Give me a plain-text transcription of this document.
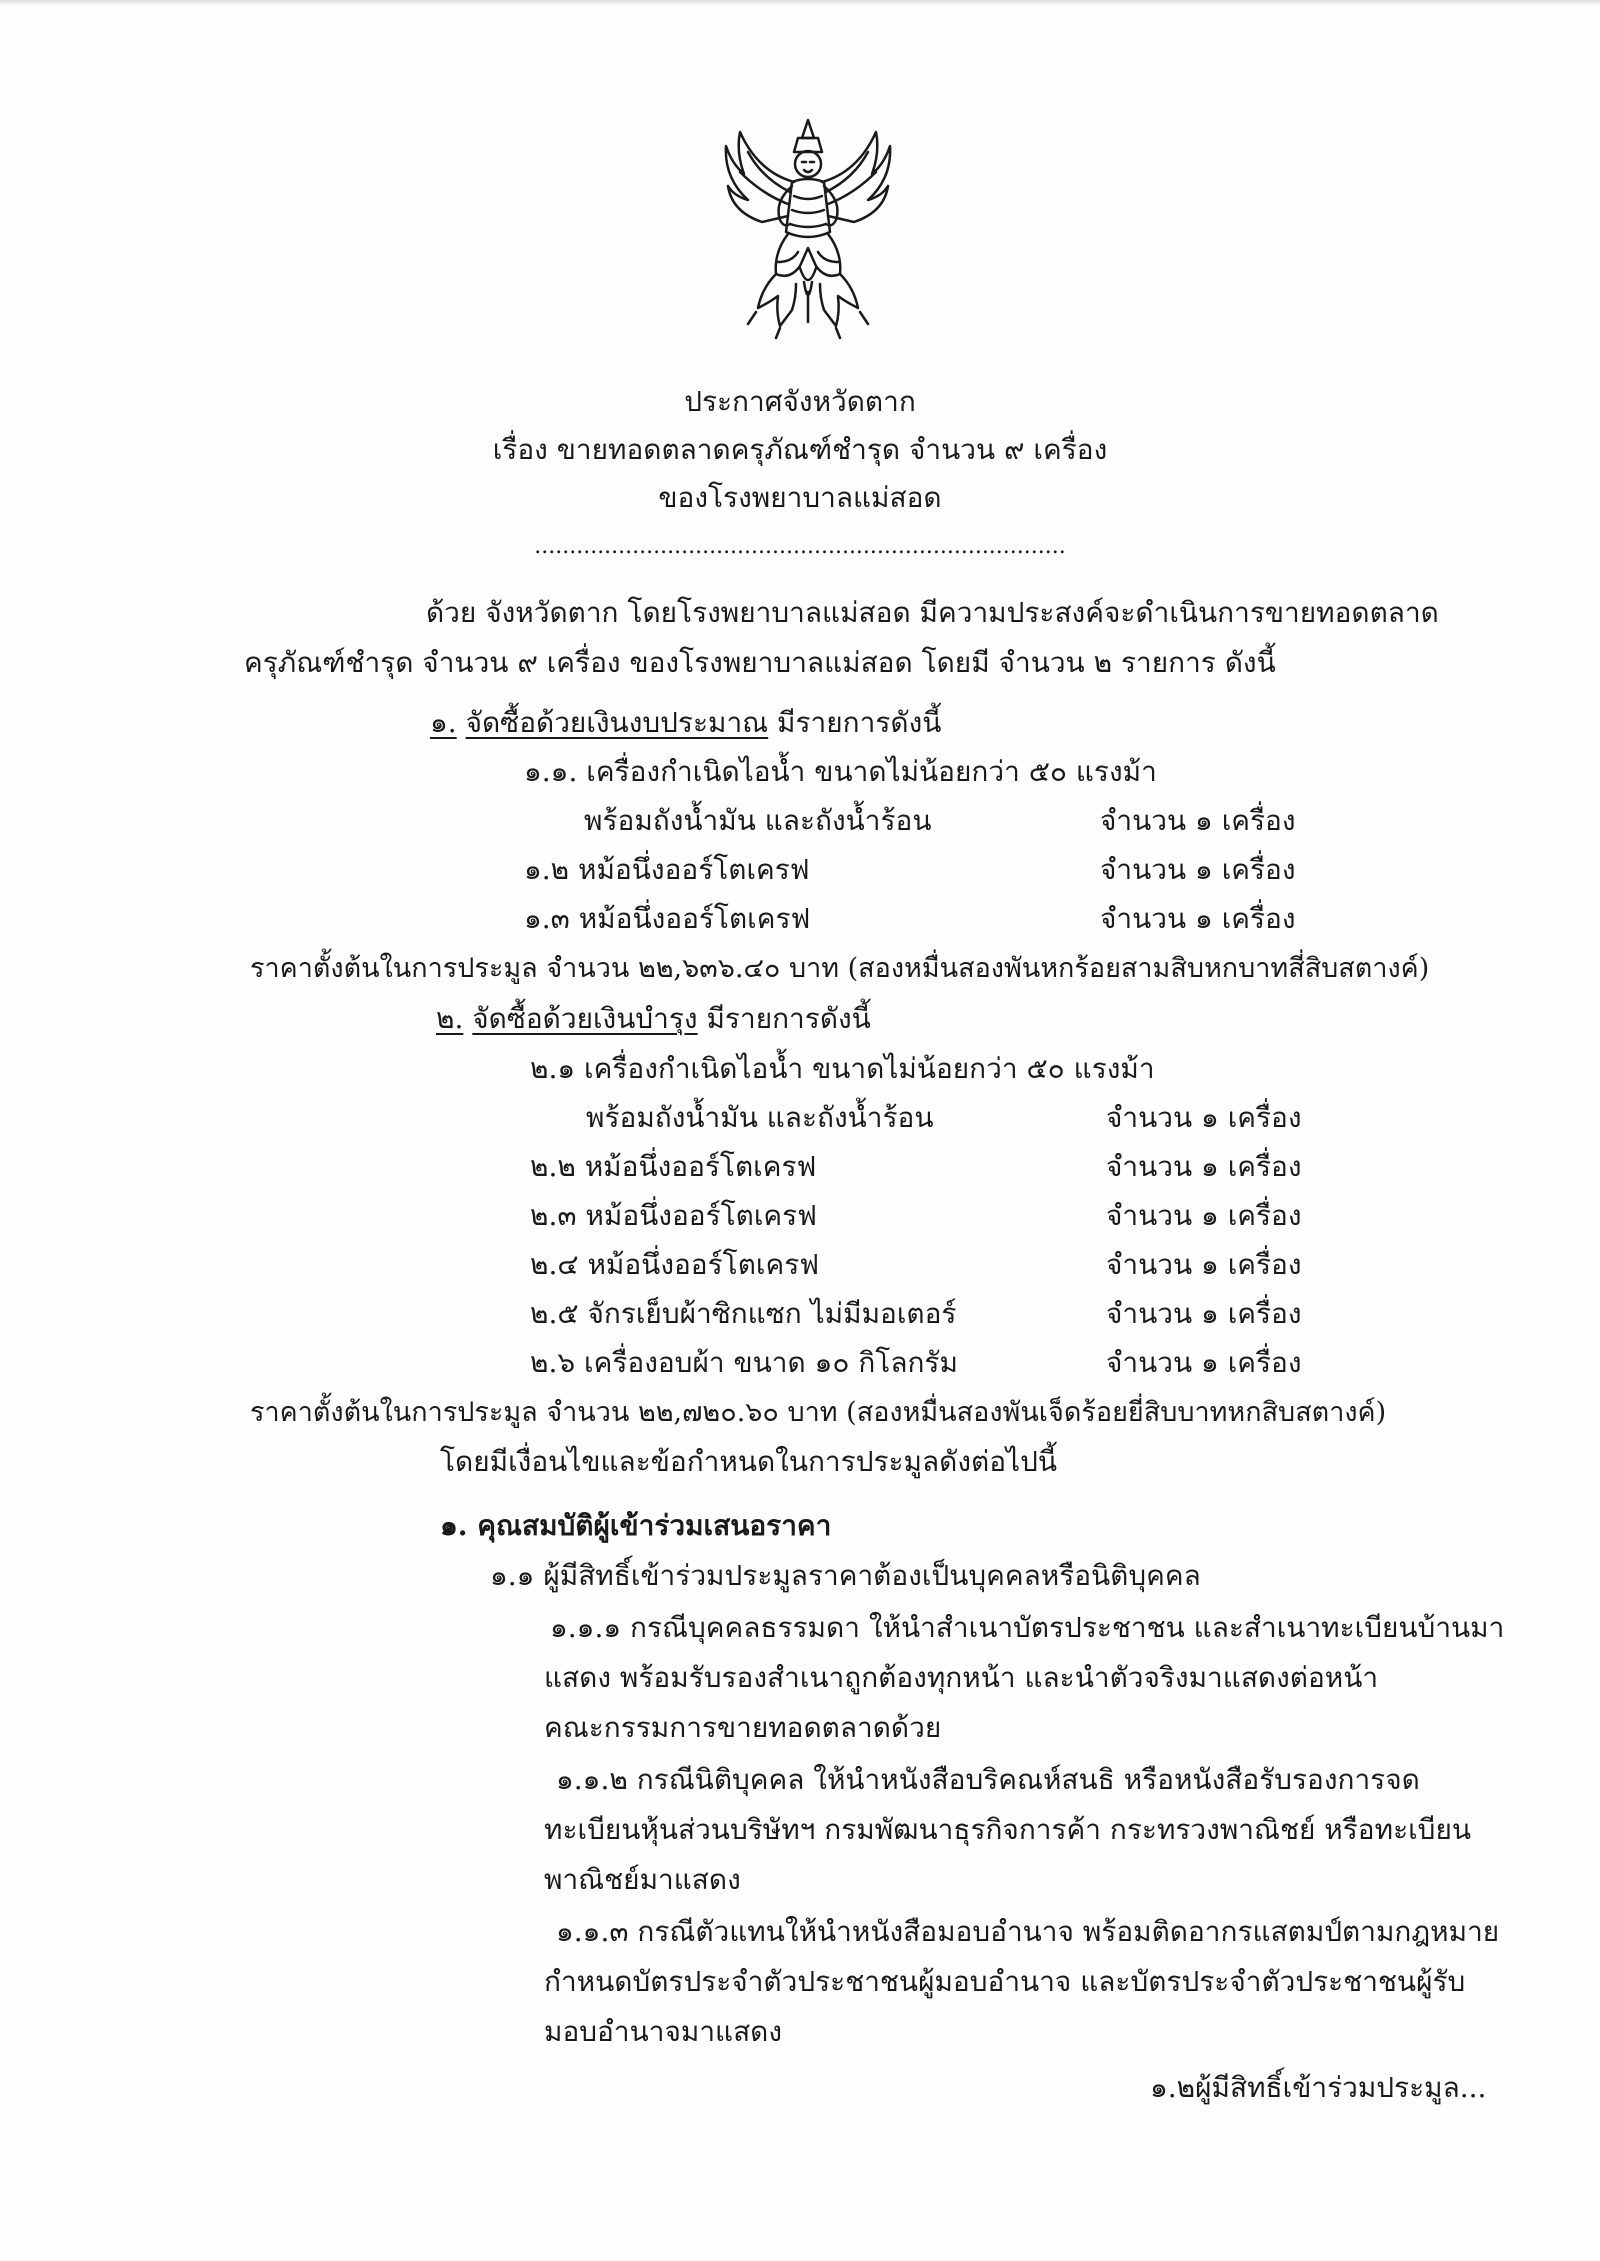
ประกาศจังหวัดตาก
เรื่อง ขายทอดตลาดครุภัณฑ์ชำรุด จำนวน ๙ เครื่อง
ของโรงพยาบาลแม่สอด
............................................................................
ด้วย จังหวัดตาก โดยโรงพยาบาลแม่สอด มีความประสงค์จะดำเนินการขายทอดตลาด
ครุภัณฑ์ชำรุด จำนวน ๙ เครื่อง ของโรงพยาบาลแม่สอด โดยมี จำนวน ๒ รายการ ดังนี้
๑. จัดซื้อด้วยเงินงบประมาณ มีรายการดังนี้
๑.๑. เครื่องกำเนิดไอน้ำ ขนาดไม่น้อยกว่า ๕๐ แรงม้า
พร้อมถังน้ำมัน และถังน้ำร้อน	จำนวน ๑ เครื่อง
๑.๒ หม้อนึ่งออร์โตเครฟ	จำนวน ๑ เครื่อง
๑.๓ หม้อนึ่งออร์โตเครฟ	จำนวน ๑ เครื่อง
ราคาตั้งต้นในการประมูล จำนวน ๒๒,๖๓๖.๔๐ บาท (สองหมื่นสองพันหกร้อยสามสิบหกบาทสี่สิบสตางค์)
๒. จัดซื้อด้วยเงินบำรุง มีรายการดังนี้
๒.๑ เครื่องกำเนิดไอน้ำ ขนาดไม่น้อยกว่า ๕๐ แรงม้า
พร้อมถังน้ำมัน และถังน้ำร้อน	จำนวน ๑ เครื่อง
๒.๒ หม้อนึ่งออร์โตเครฟ	จำนวน ๑ เครื่อง
๒.๓ หม้อนึ่งออร์โตเครฟ	จำนวน ๑ เครื่อง
๒.๔ หม้อนึ่งออร์โตเครฟ	จำนวน ๑ เครื่อง
๒.๕ จักรเย็บผ้าซิกแซก ไม่มีมอเตอร์	จำนวน ๑ เครื่อง
๒.๖ เครื่องอบผ้า ขนาด ๑๐ กิโลกรัม	จำนวน ๑ เครื่อง
ราคาตั้งต้นในการประมูล จำนวน ๒๒,๗๒๐.๖๐ บาท (สองหมื่นสองพันเจ็ดร้อยยี่สิบบาทหกสิบสตางค์)
โดยมีเงื่อนไขและข้อกำหนดในการประมูลดังต่อไปนี้
๑. คุณสมบัติผู้เข้าร่วมเสนอราคา
๑.๑ ผู้มีสิทธิ์เข้าร่วมประมูลราคาต้องเป็นบุคคลหรือนิติบุคคล
๑.๑.๑ กรณีบุคคลธรรมดา ให้นำสำเนาบัตรประชาชน และสำเนาทะเบียนบ้านมา
แสดง พร้อมรับรองสำเนาถูกต้องทุกหน้า และนำตัวจริงมาแสดงต่อหน้า
คณะกรรมการขายทอดตลาดด้วย
๑.๑.๒ กรณีนิติบุคคล ให้นำหนังสือบริคณห์สนธิ หรือหนังสือรับรองการจด
ทะเบียนหุ้นส่วนบริษัทฯ กรมพัฒนาธุรกิจการค้า กระทรวงพาณิชย์ หรือทะเบียน
พาณิชย์มาแสดง
๑.๑.๓ กรณีตัวแทนให้นำหนังสือมอบอำนาจ พร้อมติดอากรแสตมป์ตามกฎหมาย
กำหนดบัตรประจำตัวประชาชนผู้มอบอำนาจ และบัตรประจำตัวประชาชนผู้รับ
มอบอำนาจมาแสดง
๑.๒ผู้มีสิทธิ์เข้าร่วมประมูล...
